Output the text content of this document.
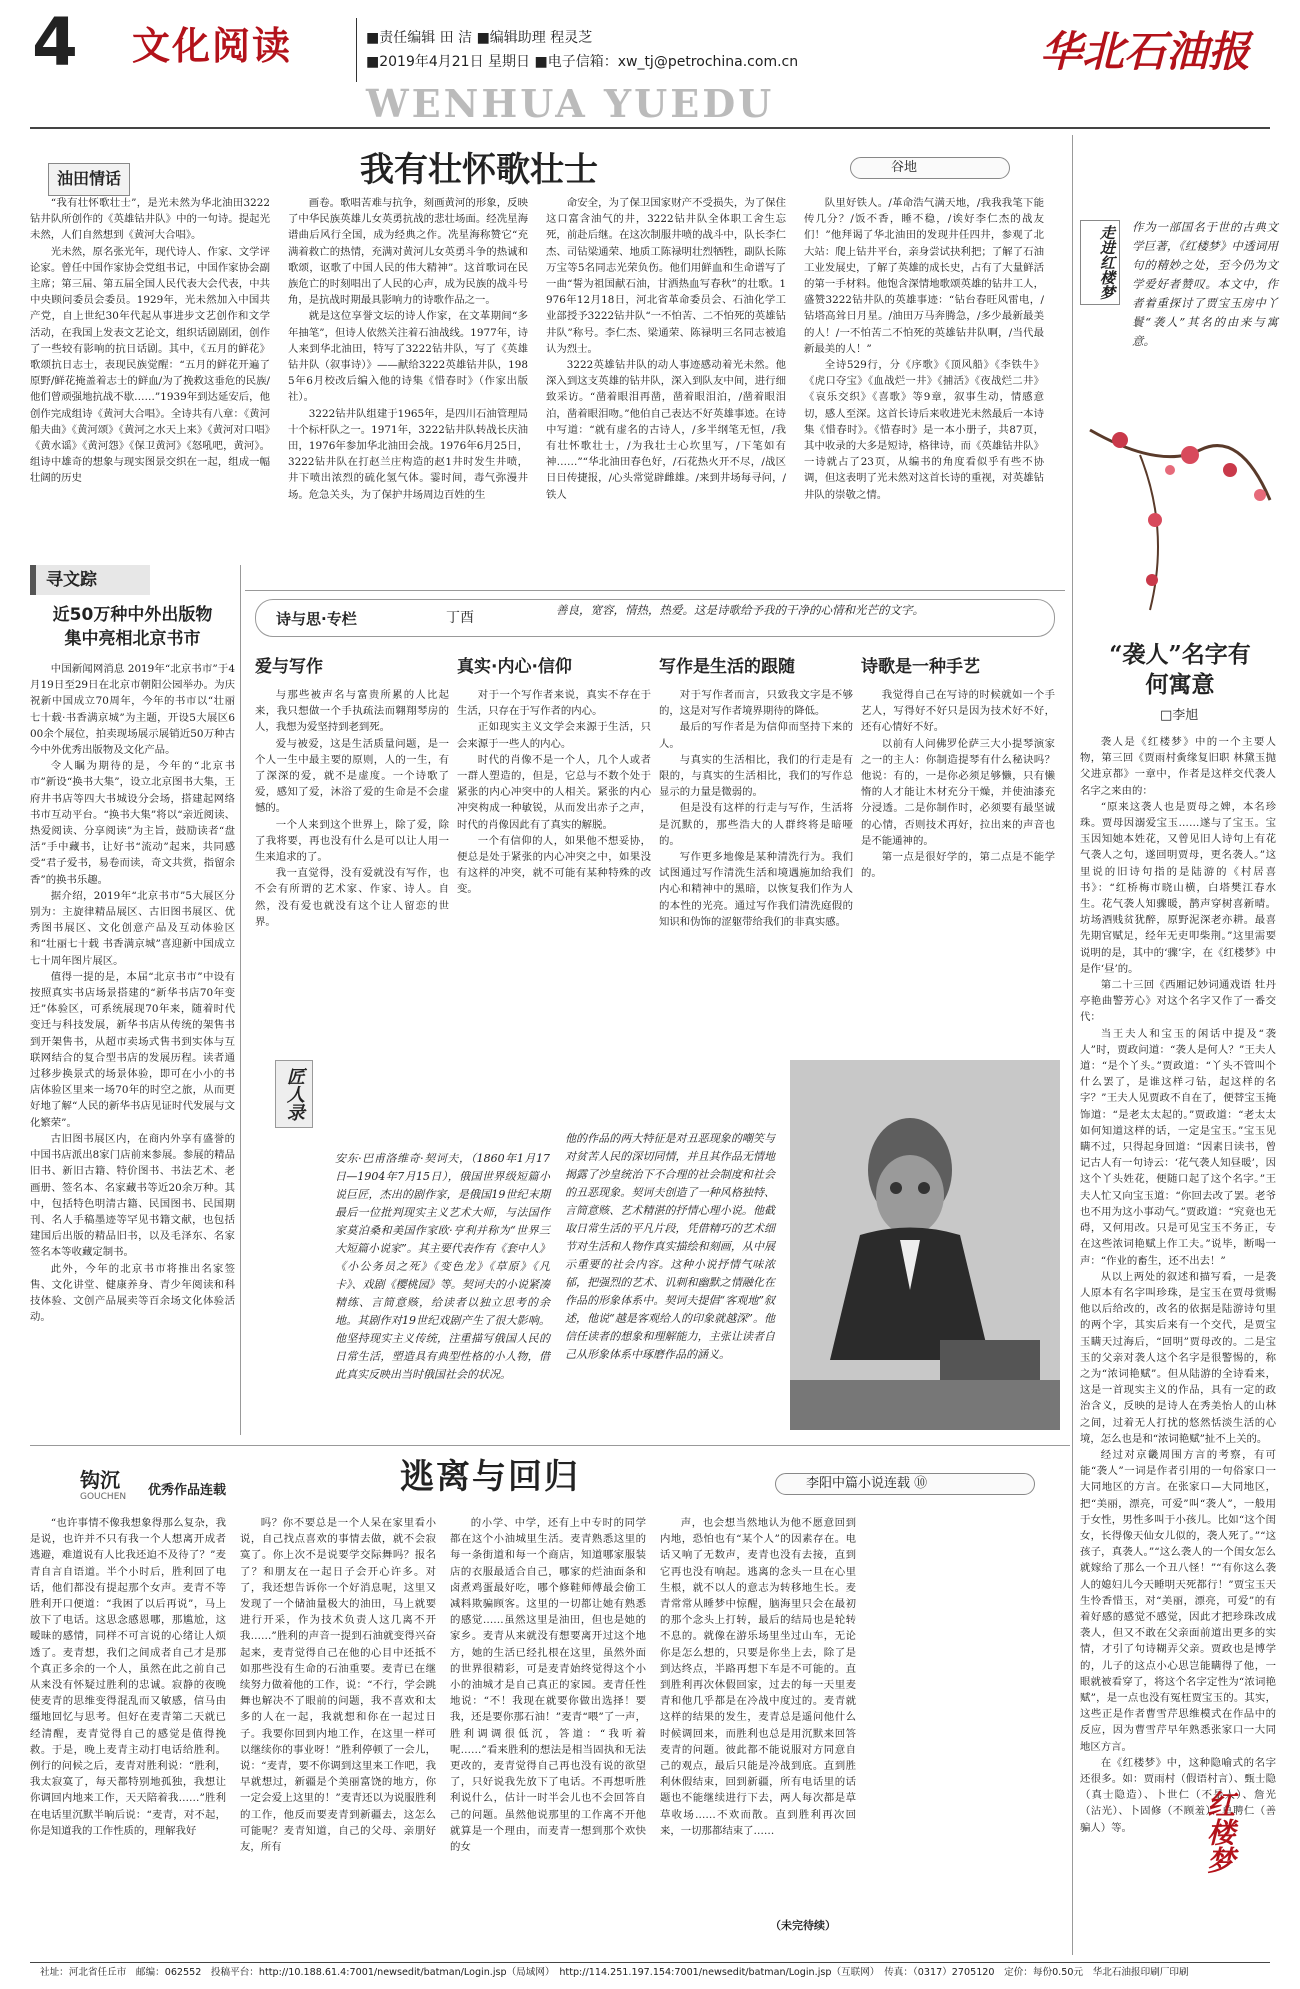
4 文化阅读	■责任编辑 田 洁 ■编辑助理 程灵芝
■2019年4月21日 星期日 ■电子信箱：xw_tj@petrochina.com.cn
WENHUA YUEDU
华北石油报
油田情话	我有壮怀歌壮士	谷地

“我有壮怀歌壮士”，是光未然为华北油田3222钻井队所创作的《英雄钻井队》中的一句诗。提起光未然，人们自然想到《黄河大合唱》。

光未然，原名张光年，现代诗人、作家、文学评论家。曾任中国作家协会党组书记，中国作家协会副主席；第三届、第五届全国人民代表大会代表，中共中央顾问委员会委员。1929年，光未然加入中国共产党，自上世纪30年代起从事进步文艺创作和文学活动，在我国上发表文艺论文，组织话剧剧团，创作了一些较有影响的抗日话剧。其中，《五月的鲜花》歌颂抗日志士，表现民族觉醒：“五月的鲜花开遍了原野/鲜花掩盖着志士的鲜血/为了挽救这垂危的民族/他们曾顽强地抗战不歇……”1939年到达延安后，他创作完成组诗《黄河大合唱》。全诗共有八章：《黄河船夫曲》《黄河颂》《黄河之水天上来》《黄河对口唱》《黄水谣》《黄河怨》《保卫黄河》《怒吼吧，黄河》。组诗中雄奇的想象与现实图景交织在一起，组成一幅壮阔的历史

画卷。歌唱苦难与抗争，刻画黄河的形象，反映了中华民族英雄儿女英勇抗战的悲壮场面。经冼星海谱曲后风行全国，成为经典之作。冼星海称赞它“充满着救亡的热情，充满对黄河儿女英勇斗争的热诚和歌颂，讴歌了中国人民的伟大精神”。这首歌词在民族危亡的时刻唱出了人民的心声，成为民族的战斗号角，是抗战时期最具影响力的诗歌作品之一。

就是这位享誉文坛的诗人作家，在文革期间“多年抽笔”，但诗人依然关注着石油战线。1977年，诗人来到华北油田，特写了3222钻井队，写了《英雄钻井队（叙事诗）》——献给3222英雄钻井队，1985年6月校改后编入他的诗集《惜春时》（作家出版社）。

3222钻井队组建于1965年，是四川石油管理局十个标杆队之一。1971年，3222钻井队转战长庆油田，1976年参加华北油田会战。1976年6月25日，3222钻井队在打赵兰庄构造的赵1井时发生井喷，井下喷出浓烈的硫化氢气体。霎时间，毒气弥漫井场。危急关头，为了保护井场周边百姓的生

命安全，为了保卫国家财产不受损失，为了保住这口富含油气的井，3222钻井队全体职工舍生忘死，前赴后继。在这次制服井喷的战斗中，队长李仁杰、司钻梁通荣、地质工陈禄明壮烈牺牲，副队长陈万宝等5名同志光荣负伤。他们用鲜血和生命谱写了一曲“誓为祖国献石油，甘洒热血写春秋”的壮歌。1976年12月18日，河北省革命委员会、石油化学工业部授予3222钻井队“一不怕苦、二不怕死的英雄钻井队”称号。李仁杰、梁通荣、陈禄明三名同志被追认为烈士。

3222英雄钻井队的动人事迹感动着光未然。他深入到这支英雄的钻井队，深入到队友中间，进行细致采访。“凿着眼泪再凿，凿着眼泪泊，/凿着眼泪泊，凿着眼泪吻。”他伯自己表达不好英雄事迹。在诗中写道：“就有虚名的古诗人，/多半纲笔无恒，/我有壮怀歌壮士，/为我壮士心坎里写，/下笔如有神……”“华北油田春色好，/石花热火开不尽，/战区日日传捷报，/心头常觉辟雌雄。/来到井场每寻问，/铁人

队里好铁人。/革命浩气满天地，/我我我笔下能传几分？/饭不香，睡不稳，/诶好李仁杰的战友们！”他拜谒了华北油田的发现井任四井，参观了北大站：爬上钻井平台，亲身尝试抉利把；了解了石油工业发展史，了解了英雄的成长史，占有了大量鲜活的第一手材料。他饱含深情地歌颂英雄的钻井工人，盛赞3222钻井队的英雄事迹：“钻台春旺风雷电，/钻塔高耸日月星。/油田万马奔腾急，/多少最新最美的人！/一不怕苦二不怕死的英雄钻井队啊，/当代最新最美的人！”

全诗529行，分《序歌》《顶风船》《李铁牛》《虎口夺宝》《血战烂一井》《捕活》《夜战烂二井》《哀乐交织》《喜歌》等9章，叙事生动，情感意切，感人至深。这首长诗后来收进光未然最后一本诗集《惜春时》。《惜春时》是一本小册子，共87页，其中收录的大多是短诗，格律诗，而《英雄钻井队》一诗就占了23页，从编书的角度看似乎有些不协调，但这表明了光未然对这首长诗的重视，对英雄钻井队的崇敬之情。

走进红楼梦	作为一部国名于世的古典文学巨著，《红楼梦》中透词用句的精妙之处，至今仍为文学爱好者赞叹。本文中，作者着重探讨了贾宝玉房中丫鬟“袭人”其名的由来与寓意。
“袭人”名字有何寓意
□李旭

袭人是《红楼梦》中的一个主要人物，第三回《贾雨村夤缘复旧职 林黛玉抛父进京都》一章中，作者是这样交代袭人名字之来由的：

“原来这袭人也是贾母之婢，本名珍珠。贾母因溺爱宝玉……遂与了宝玉。宝玉因知她本姓花，又曾见旧人诗句上有花气袭人之句，遂回明贾母，更名袭人。”这里说的旧诗句指的是陆游的《村居喜书》：“红桥梅市晓山横，白塔樊江春水生。花气袭人知骤暖，鹊声穿树喜新晴。坊场酒贱贫犹醉，原野泥深老亦耕。最喜先期官赋足，经年无吏叩柴荆。”这里需要说明的是，其中的‘骤’字，在《红楼梦》中是作‘昼’的。

第二十三回《西厢记妙词通戏语 牡丹亭艳曲警芳心》对这个名字又作了一番交代：

当王夫人和宝玉的闲话中提及“袭人”时，贾政问道：“袭人是何人？”王夫人道：“是个丫头。”贾政道：“丫头不管叫个什么罢了，是谁这样刁钻，起这样的名字？”王夫人见贾政不自在了，便替宝玉掩饰道：“是老太太起的。”贾政道：“老太太如何知道这样的话，一定是宝玉。”宝玉见瞒不过，只得起身回道：“因素日读书，曾记古人有一句诗云：‘花气袭人知昼暖’，因这个丫头姓花，便随口起了这个名字。”王夫人忙又向宝玉道：“你回去改了罢。老爷也不用为这小事动气。”贾政道：“究竟也无碍，又何用改。只是可见宝玉不务正，专在这些浓词艳赋上作工夫。”说毕，断喝一声：“作业的畜生，还不出去！”

从以上两处的叙述和描写看，一是袭人原本有名字叫珍珠，是宝玉在贾母赏赐他以后给改的，改名的依据是陆游诗句里的两个字，其实后来有一个交代，是贾宝玉瞒天过海后，“回明”贾母改的。二是宝玉的父亲对袭人这个名字是很警惕的，称之为“浓词艳赋”。但从陆游的全诗看来，这是一首现实主义的作品，具有一定的政治含义，反映的是诗人在秀美怡人的山林之间，过着无人打扰的悠然恬淡生活的心境，怎么也是和“浓词艳赋”扯不上关的。

经过对京畿周围方言的考察，有可能“袭人”一词是作者引用的一句俗家口一大同地区的方言。在张家口—大同地区，把“美丽，漂亮，可爱”叫“袭人”，一般用于女性，男性多叫于小孩儿。比如“这个闺女，长得像天仙女儿似的，袭人死了。”“这孩子，真袭人。”“这么袭人的一个闺女怎么就嫁给了那么一个丑八怪！”“有你这么袭人的媳妇儿今天睡明天死都行！”贾宝玉天生怜香惜玉，对“美丽，漂亮，可爱”的有着好感的感觉不感觉，因此才把珍珠改成袭人，但又不敢在父亲面前道出更多的实情，才引了句诗糊弄父亲。贾政也是博学的，儿子的这点小心思岂能瞒得了他，一眼就被看穿了，将这个名字定性为“浓词艳赋”，是一点也没有冤枉贾宝玉的。其实，这些正是作者曹雪芹思维模式在作品中的反应，因为曹雪芹早年熟悉张家口一大同地区方言。

在《红楼梦》中，这种隐喻式的名字还很多。如：贾雨村（假语村言）、甄士隐（真士隐造）、卜世仁（不是人）、詹光（沾光）、卜固修（不顾羞）、单聘仁（善骗人）等。	红楼梦
寻文踪
近50万种中外出版物
集中亮相北京书市

中国新闻网消息 2019年“北京书市”于4月19日至29日在北京市朝阳公园举办。为庆祝新中国成立70周年，今年的书市以“壮丽七十载·书香满京城”为主题，开设5大展区600余个展位，拍卖现场展示展销近50万种古今中外优秀出版物及文化产品。

令人瞩为期待的是，今年的“北京书市”新设“换书大集”，设立北京图书大集，王府井书店等四大书城设分会场，搭建起网络书市互动平台。“换书大集”将以“亲近阅读、热爱阅读、分享阅读”为主旨，鼓励读者“盘活”手中藏书，让好书“流动”起来，共同感受“君子爱书，易卷而读，奇文共赏，指留余香”的换书乐趣。

据介绍，2019年“北京书市”5大展区分别为：主旋律精品展区、古旧图书展区、优秀图书展区、文化创意产品及互动体验区和“壮丽七十载 书香满京城”喜迎新中国成立七十周年图片展区。

值得一提的是，本届“北京书市”中设有按照真实书店场景搭建的“新华书店70年变迁”体验区，可系统展现70年来，随着时代变迁与科技发展，新华书店从传统的架售书到开架售书，从超市卖场式售书到实体与互联网结合的复合型书店的发展历程。读者通过移步换景式的场景体验，即可在小小的书店体验区里来一场70年的时空之旅，从而更好地了解“人民的新华书店见证时代发展与文化繁荣”。

古旧图书展区内，在商内外享有盛誉的中国书店派出8家门店前来参展。参展的精品旧书、新旧古籍、特价图书、书法艺术、老画册、签名本、名家藏书等近20余万种。其中，包括特色明清古籍、民国图书、民国期刊、名人手稿墨迹等罕见书籍文献，也包括建国后出版的精品旧书，以及毛泽东、名家签名本等收藏定制书。

此外，今年的北京书市将推出名家签售、文化讲堂、健康养身、青少年阅读和科技体验、文创产品展卖等百余场文化体验活动。

诗与思·专栏	丁酉	善良，宽容，情热，热爱。这是诗歌给予我的干净的心情和光芒的文字。
爱与写作

与那些被声名与富贵所累的人比起来，我只想做一个手执疏法而翱翔琴房的人，我想为爱坚持到老到死。

爱与被爱，这是生活质量问题，是一个人一生中最主要的原则，人的一生，有了深深的爱，就不是虚度。一个诗歌了爱，感知了爱，沐浴了爱的生命是不会虚憾的。

一个人来到这个世界上，除了爱，除了我将要，再也没有什么是可以让人用一生来追求的了。

我一直觉得，没有爱就没有写作，也不会有所谓的艺术家、作家、诗人。自然，没有爱也就没有这个让人留恋的世界。

真实·内心·信仰

对于一个写作者来说，真实不存在于生活，只存在于写作者的内心。

正如现实主义文学会来源于生活，只会来源于一些人的内心。

时代的肖像不是一个人，几个人或者一群人塑造的，但是，它总与不数个处于紧张的内心冲突中的人相关。紧张的内心冲突构成一种敏锐，从而发出赤子之声，时代的肖像因此有了真实的解脱。

一个有信仰的人，如果他不想妥协，便总是处于紧张的内心冲突之中，如果没有这样的冲突，就不可能有某种特殊的改变。

写作是生活的跟随

对于写作者而言，只致我文字是不够的，这是对写作者境界期待的降低。

最后的写作者是为信仰而坚持下来的人。

与真实的生活相比，我们的行走是有限的，与真实的生活相比，我们的写作总显示的力量是微弱的。

但是没有这样的行走与写作，生活将是沉默的，那些浩大的人群终将是暗哑的。

写作更多地像是某种清洗行为。我们试图通过写作清洗生活和境遇施加给我们内心和精神中的黑暗，以恢复我们作为人的本性的光亮。通过写作我们清洗庭假的知识和伪饰的涩躯带给我们的非真实感。

诗歌是一种手艺

我觉得自己在写诗的时候就如一个手艺人，写得好不好只是因为技术好不好，还有心情好不好。

以前有人问佛罗伦萨三大小提琴演家之一的主人：你制造提琴有什么秘诀吗？他说：有的，一是你必须足够懒，只有懒惰的人才能让木材充分干燥，并使油漆充分浸透。二是你制作时，必须要有最坚诚的心情，否则技术再好，拉出来的声音也是不能通神的。

第一点是很好学的，第二点是不能学的。

匠人录
安东·巴甫洛维奇·契诃夫，（1860年1月17日—1904年7月15日），俄国世界级短篇小说巨匠，杰出的剧作家，是俄国19世纪末期最后一位批判现实主义艺术大师，与法国作家莫泊桑和美国作家欧·亨利并称为“世界三大短篇小说家”。其主要代表作有《套中人》《小公务员之死》《变色龙》《草原》《凡卡》、戏剧《樱桃园》等。契诃夫的小说紧凑精练、言简意赅，给读者以独立思考的余地。其剧作对19世纪戏剧产生了很大影响。他坚持现实主义传统，注重描写俄国人民的日常生活，塑造具有典型性格的小人物，借此真实反映出当时俄国社会的状况。
他的作品的两大特征是对丑恶现象的嘲笑与对贫苦人民的深切同情，并且其作品无情地揭露了沙皇统治下不合理的社会制度和社会的丑恶现象。契诃夫创造了一种风格独特、言简意赅、艺术精湛的抒情心理小说。他截取日常生活的平凡片段，凭借精巧的艺术细节对生活和人物作真实描绘和刻画，从中展示重要的社会内容。这种小说抒情气味浓郁，把强烈的艺术、讥刺和幽默之情融化在作品的形象体系中。契诃夫提倡“客观地”叙述，他说“越是客观给人的印象就越深”。他信任读者的想象和理解能力，主张让读者自己从形象体系中琢磨作品的涵义。
钩沉
GOUCHEN 优秀作品连载	逃离与回归	李阳中篇小说连载 ⑩
“也许事情不像我想象得那么复杂，我是说，也许并不只有我一个人想离开成者逃避，难道说有人比我还迫不及待了？”麦青自言自语道。半个小时后，胜利回了电话，他们都没有提起那个女声。麦青不等胜利开口便道：“我困了以后再说”，马上放下了电话。这思念感恩哪，那尴尬，这暧昧的感情，同样不可言说的心绪让人烦透了。麦青想，我们之间成者自己才是那个真正多余的一个人，虽然在此之前自己从来没有怀疑过胜利的忠诚。寂静的夜晚使麦青的思维变得混乱而又敏感，信马由缰地回忆与思考。但好在麦青第二天就已经清醒，麦青觉得自己的感觉是值得挽救。于是，晚上麦青主动打电话给胜利。例行的问候之后，麦青对胜利说：“胜利，我太寂寞了，每天都特别地孤独，我想让你调回内地来工作，天天陪着我……”胜利在电话里沉默半晌后说：“麦青，对不起，你是知道我的工作性质的，理解我好
吗？你不要总是一个人呆在家里看小说，自己找点喜欢的事情去做，就不会寂寞了。你上次不是说要学交际舞吗？报名了？和朋友在一起日子会开心许多。对了，我还想告诉你一个好消息呢，这里又发现了一个储油量极大的油田，马上就要进行开采，作为技术负责人这几离不开我……”胜利的声音一提到石油就变得兴奋起来，麦青觉得自己在他的心目中还抵不如那些没有生命的石油重要。麦青已在继续努力做着他的工作，说：“不行，学会跳舞也解决不了眼前的问题，我不喜欢和太多的人在一起，我就想和你在一起过日子。我要你回到内地工作，在这里一样可以继续你的事业呀！”胜利停顿了一会儿，说：“麦青，要不你调到这里来工作吧，我早就想过，新疆是个美丽富饶的地方，你一定会爱上这里的！”麦青还以为说服胜利的工作，他反而要麦青到新疆去，这怎么可能呢？麦青知道，自己的父母、亲朋好友，所有
的小学、中学，还有上中专时的同学都在这个小油城里生活。麦青熟悉这里的每一条街道和每一个商店，知道哪家服装店的衣服最适合自己，哪家的烂油面条和卤煮鸡蛋最好吃，哪个修鞋师傅最会偷工减料欺骗顾客。这里的一切都让她有熟悉的感觉……虽然这里是油田，但也是她的家乡。麦青从来就没有想要离开过这个地方，她的生活已经扎根在这里，虽然外面的世界很精彩，可是麦青始终觉得这个小小的油城才是自己真正的家园。麦青任性地说：“不！我现在就要你做出选择！要我，还是要你那石油！”麦青“喂”了一声，胜利调调很低沉，答道：“我听着呢……”看来胜利的想法是相当固执和无法更改的，麦青觉得自己再也没有说的欲望了，只好说我先放下了电话。不再想听胜利说什么，估计一时半会儿也不会回答自己的问题。虽然他说那里的工作离不开他就算是一个理由，而麦青一想到那个欢快的女
声，也会想当然地认为他不愿意回到内地，恐怕也有“某个人”的因素存在。电话又响了无数声，麦青也没有去接，直到它再也没有响起。逃离的念头一旦在心里生根，就不以人的意志为转移地生长。麦青常常从睡梦中惊醒，脑海里只会在最初的那个念头上打转，最后的结局也是轮转不息的。就像在游乐场里坐过山车，无论你是怎么想的，只要是你坐上去，除了是到达终点，半路再想下车是不可能的。直到胜利再次休假回家，过去的每一天里麦青和他几乎都是在冷战中度过的。麦青就这样的结果的发生，麦青总是遥问他什么时候调回来，而胜利也总是用沉默来回答麦青的问题。彼此都不能说服对方同意自己的观点，最后只能是冷战到底。直到胜利休假结束，回到新疆，所有电话里的话题也不能继续进行下去，两人每次都是草草收场……不欢而散。直到胜利再次回来，一切那都结束了……
（未完待续）
社址：河北省任丘市　邮编：062552　投稿平台：http://10.188.61.4:7001/newsedit/batman/Login.jsp（局域网）　http://114.251.197.154:7001/newsedit/batman/Login.jsp（互联网）　传真：（0317）2705120　定价：每份0.50元　华北石油报印刷厂印刷
